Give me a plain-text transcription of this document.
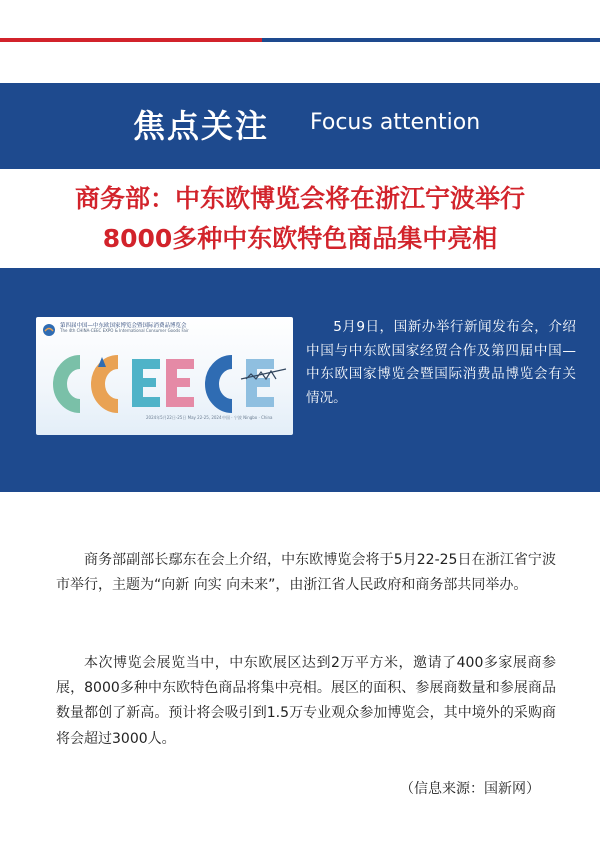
焦点关注 Focus attention
商务部：中东欧博览会将在浙江宁波举行
8000多种中东欧特色商品集中亮相
第四届中国—中东欧国家博览会暨国际消费品博览会
The 4th CHINA-CEEC EXPO & International Consumer Goods Fair
2024年5月22日-25日 May 22-25, 2024 中国 · 宁波 Ningbo · China
5月9日，国新办举行新闻发布会，介绍中国与中东欧国家经贸合作及第四届中国—中东欧国家博览会暨国际消费品博览会有关情况。
商务部副部长鄢东在会上介绍，中东欧博览会将于5月22-25日在浙江省宁波市举行，主题为“向新 向实 向未来”，由浙江省人民政府和商务部共同举办。
本次博览会展览当中，中东欧展区达到2万平方米，邀请了400多家展商参展，8000多种中东欧特色商品将集中亮相。展区的面积、参展商数量和参展商品数量都创了新高。预计将会吸引到1.5万专业观众参加博览会，其中境外的采购商将会超过3000人。
（信息来源：国新网）
